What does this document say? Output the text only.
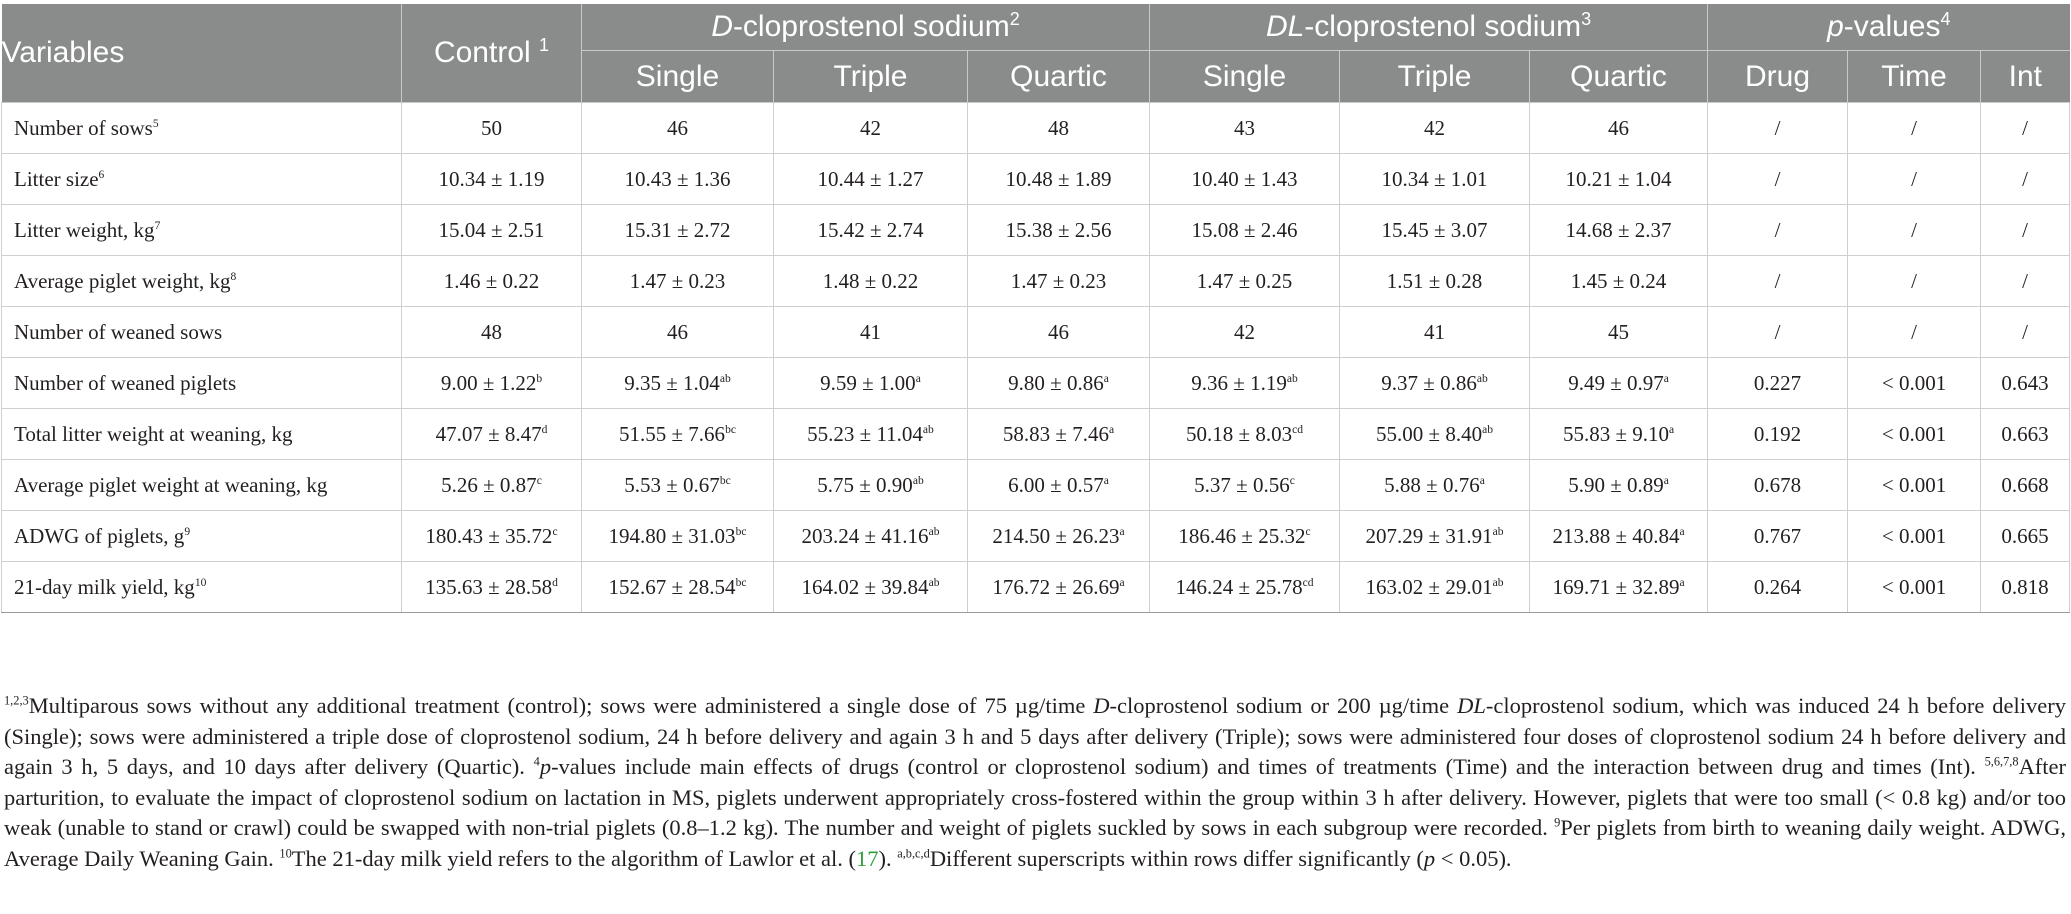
Variables	Control $^1$	D-cloprostenol sodium$^2$			DL-cloprostenol sodium$^3$			p-values$^4$
		Single	Triple	Quartic	Single	Triple	Quartic	Drug	Time	Int
Number of sows$^5$	50	46	42	48	43	42	46	/	/	/
Litter size$^6$	10.34 ± 1.19	10.43 ± 1.36	10.44 ± 1.27	10.48 ± 1.89	10.40 ± 1.43	10.34 ± 1.01	10.21 ± 1.04	/	/	/
Litter weight, $kg^7$	15.04 ± 2.51	15.31 ± 2.72	15.42 ± 2.74	15.38 ± 2.56	15.08 ± 2.46	15.45 ± 3.07	14.68 ± 2.37	/	/	/
Average piglet weight, $kg^8$	1.46 ± 0.22	1.47 ± 0.23	1.48 ± 0.22	1.47 ± 0.23	1.47 ± 0.25	1.51 ± 0.28	1.45 ± 0.24	/	/	/
Number of weaned sows	48	46	41	46	42	41	45	/	/	/
Number of weaned piglets	9.00 ± 1.22$^b$	9.35 ± 1.04$^{ab}$	9.59 ± 1.00$^a$	9.80 ± 0.86$^a$	9.36 ± 1.19$^{ab}$	9.37 ± 0.86$^{ab}$	9.49 ± 0.97$^a$	0.227	< 0.001	0.643
Total litter weight at weaning, kg	47.07 ± 8.47$^d$	51.55 ± 7.66$^{bc}$	55.23 ± 11.04$^{ab}$	58.83 ± 7.46$^a$	50.18 ± 8.03$^{cd}$	55.00 ± 8.40$^{ab}$	55.83 ± 9.10$^a$	0.192	< 0.001	0.663
Average piglet weight at weaning, kg	5.26 ± 0.87$^c$	5.53 ± 0.67$^{bc}$	5.75 ± 0.90$^{ab}$	6.00 ± 0.57$^a$	5.37 ± 0.56$^c$	5.88 ± 0.76$^a$	5.90 ± 0.89$^a$	0.678	< 0.001	0.668
ADWG of piglets, $g^9$	180.43 ± 35.72$^c$	194.80 ± 31.03$^{bc}$	203.24 ± 41.16$^{ab}$	214.50 ± 26.23$^a$	186.46 ± 25.32$^c$	207.29 ± 31.91$^{ab}$	213.88 ± 40.84$^a$	0.767	< 0.001	0.665
21-day milk yield, $kg^{10}$	135.63 ± 28.58$^d$	152.67 ± 28.54$^{bc}$	164.02 ± 39.84$^{ab}$	176.72 ± 26.69$^a$	146.24 ± 25.78$^{cd}$	163.02 ± 29.01$^{ab}$	169.71 ± 32.89$^a$	0.264	< 0.001	0.818
$^{1,2,3}$Multiparous sows without any additional treatment (control); sows were administered a single dose of 75 µg/time D-cloprostenol sodium or 200 µg/time DL-cloprostenol sodium, which was induced 24 h before delivery (Single); sows were administered a triple dose of cloprostenol sodium, 24 h before delivery and again 3 h and 5 days after delivery (Triple); sows were administered four doses of cloprostenol sodium 24 h before delivery and again 3 h, 5 days, and 10 days after delivery (Quartic). $^4$p-values include main effects of drugs (control or cloprostenol sodium) and times of treatments (Time) and the interaction between drug and times (Int). $^{5,6,7,8}$After parturition, to evaluate the impact of cloprostenol sodium on lactation in MS, piglets underwent appropriately cross-fostered within the group within 3 h after delivery. However, piglets that were too small (< 0.8 kg) and/or too weak (unable to stand or crawl) could be swapped with non-trial piglets (0.8–1.2 kg). The number and weight of piglets suckled by sows in each subgroup were recorded. $^9$Per piglets from birth to weaning daily weight. ADWG, Average Daily Weaning Gain. $^{10}$The 21-day milk yield refers to the algorithm of Lawlor et al. (17). $^{a,b,c,d}$Different superscripts within rows differ significantly (p < 0.05).
